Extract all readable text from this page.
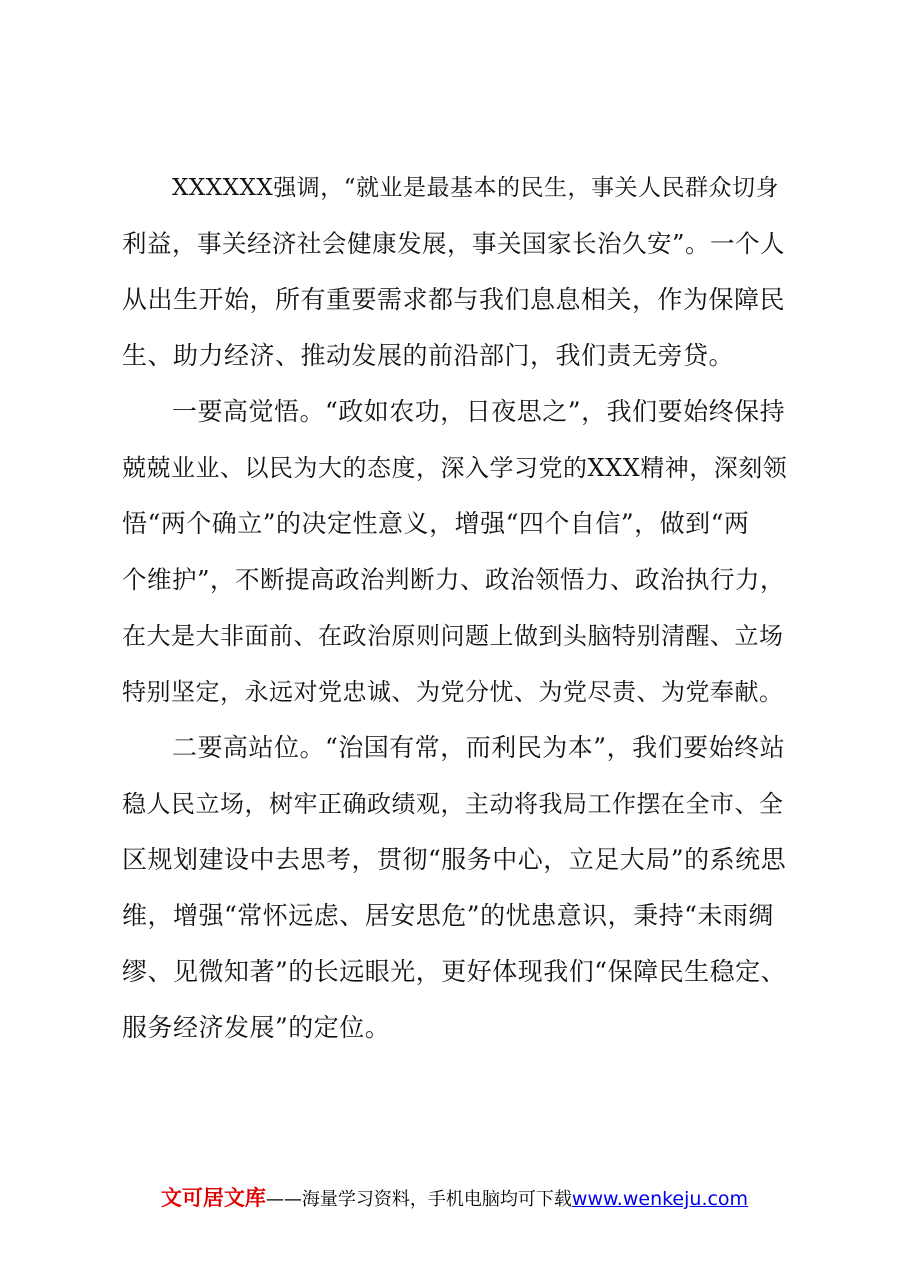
XXXXXX强调，“就业是最基本的民生，事关人民群众切身
利益，事关经济社会健康发展，事关国家长治久安”。一个人
从出生开始，所有重要需求都与我们息息相关，作为保障民
生、助力经济、推动发展的前沿部门，我们责无旁贷。
一要高觉悟。“政如农功，日夜思之”，我们要始终保持
兢兢业业、以民为大的态度，深入学习党的XXX精神，深刻领
悟“两个确立”的决定性意义，增强“四个自信”，做到“两
个维护”，不断提高政治判断力、政治领悟力、政治执行力，
在大是大非面前、在政治原则问题上做到头脑特别清醒、立场
特别坚定，永远对党忠诚、为党分忧、为党尽责、为党奉献。
二要高站位。“治国有常，而利民为本”，我们要始终站
稳人民立场，树牢正确政绩观，主动将我局工作摆在全市、全
区规划建设中去思考，贯彻“服务中心，立足大局”的系统思
维，增强“常怀远虑、居安思危”的忧患意识，秉持“未雨绸
缪、见微知著”的长远眼光，更好体现我们“保障民生稳定、
服务经济发展”的定位。
文可居文库——海量学习资料，手机电脑均可下载www.wenkeju.com
